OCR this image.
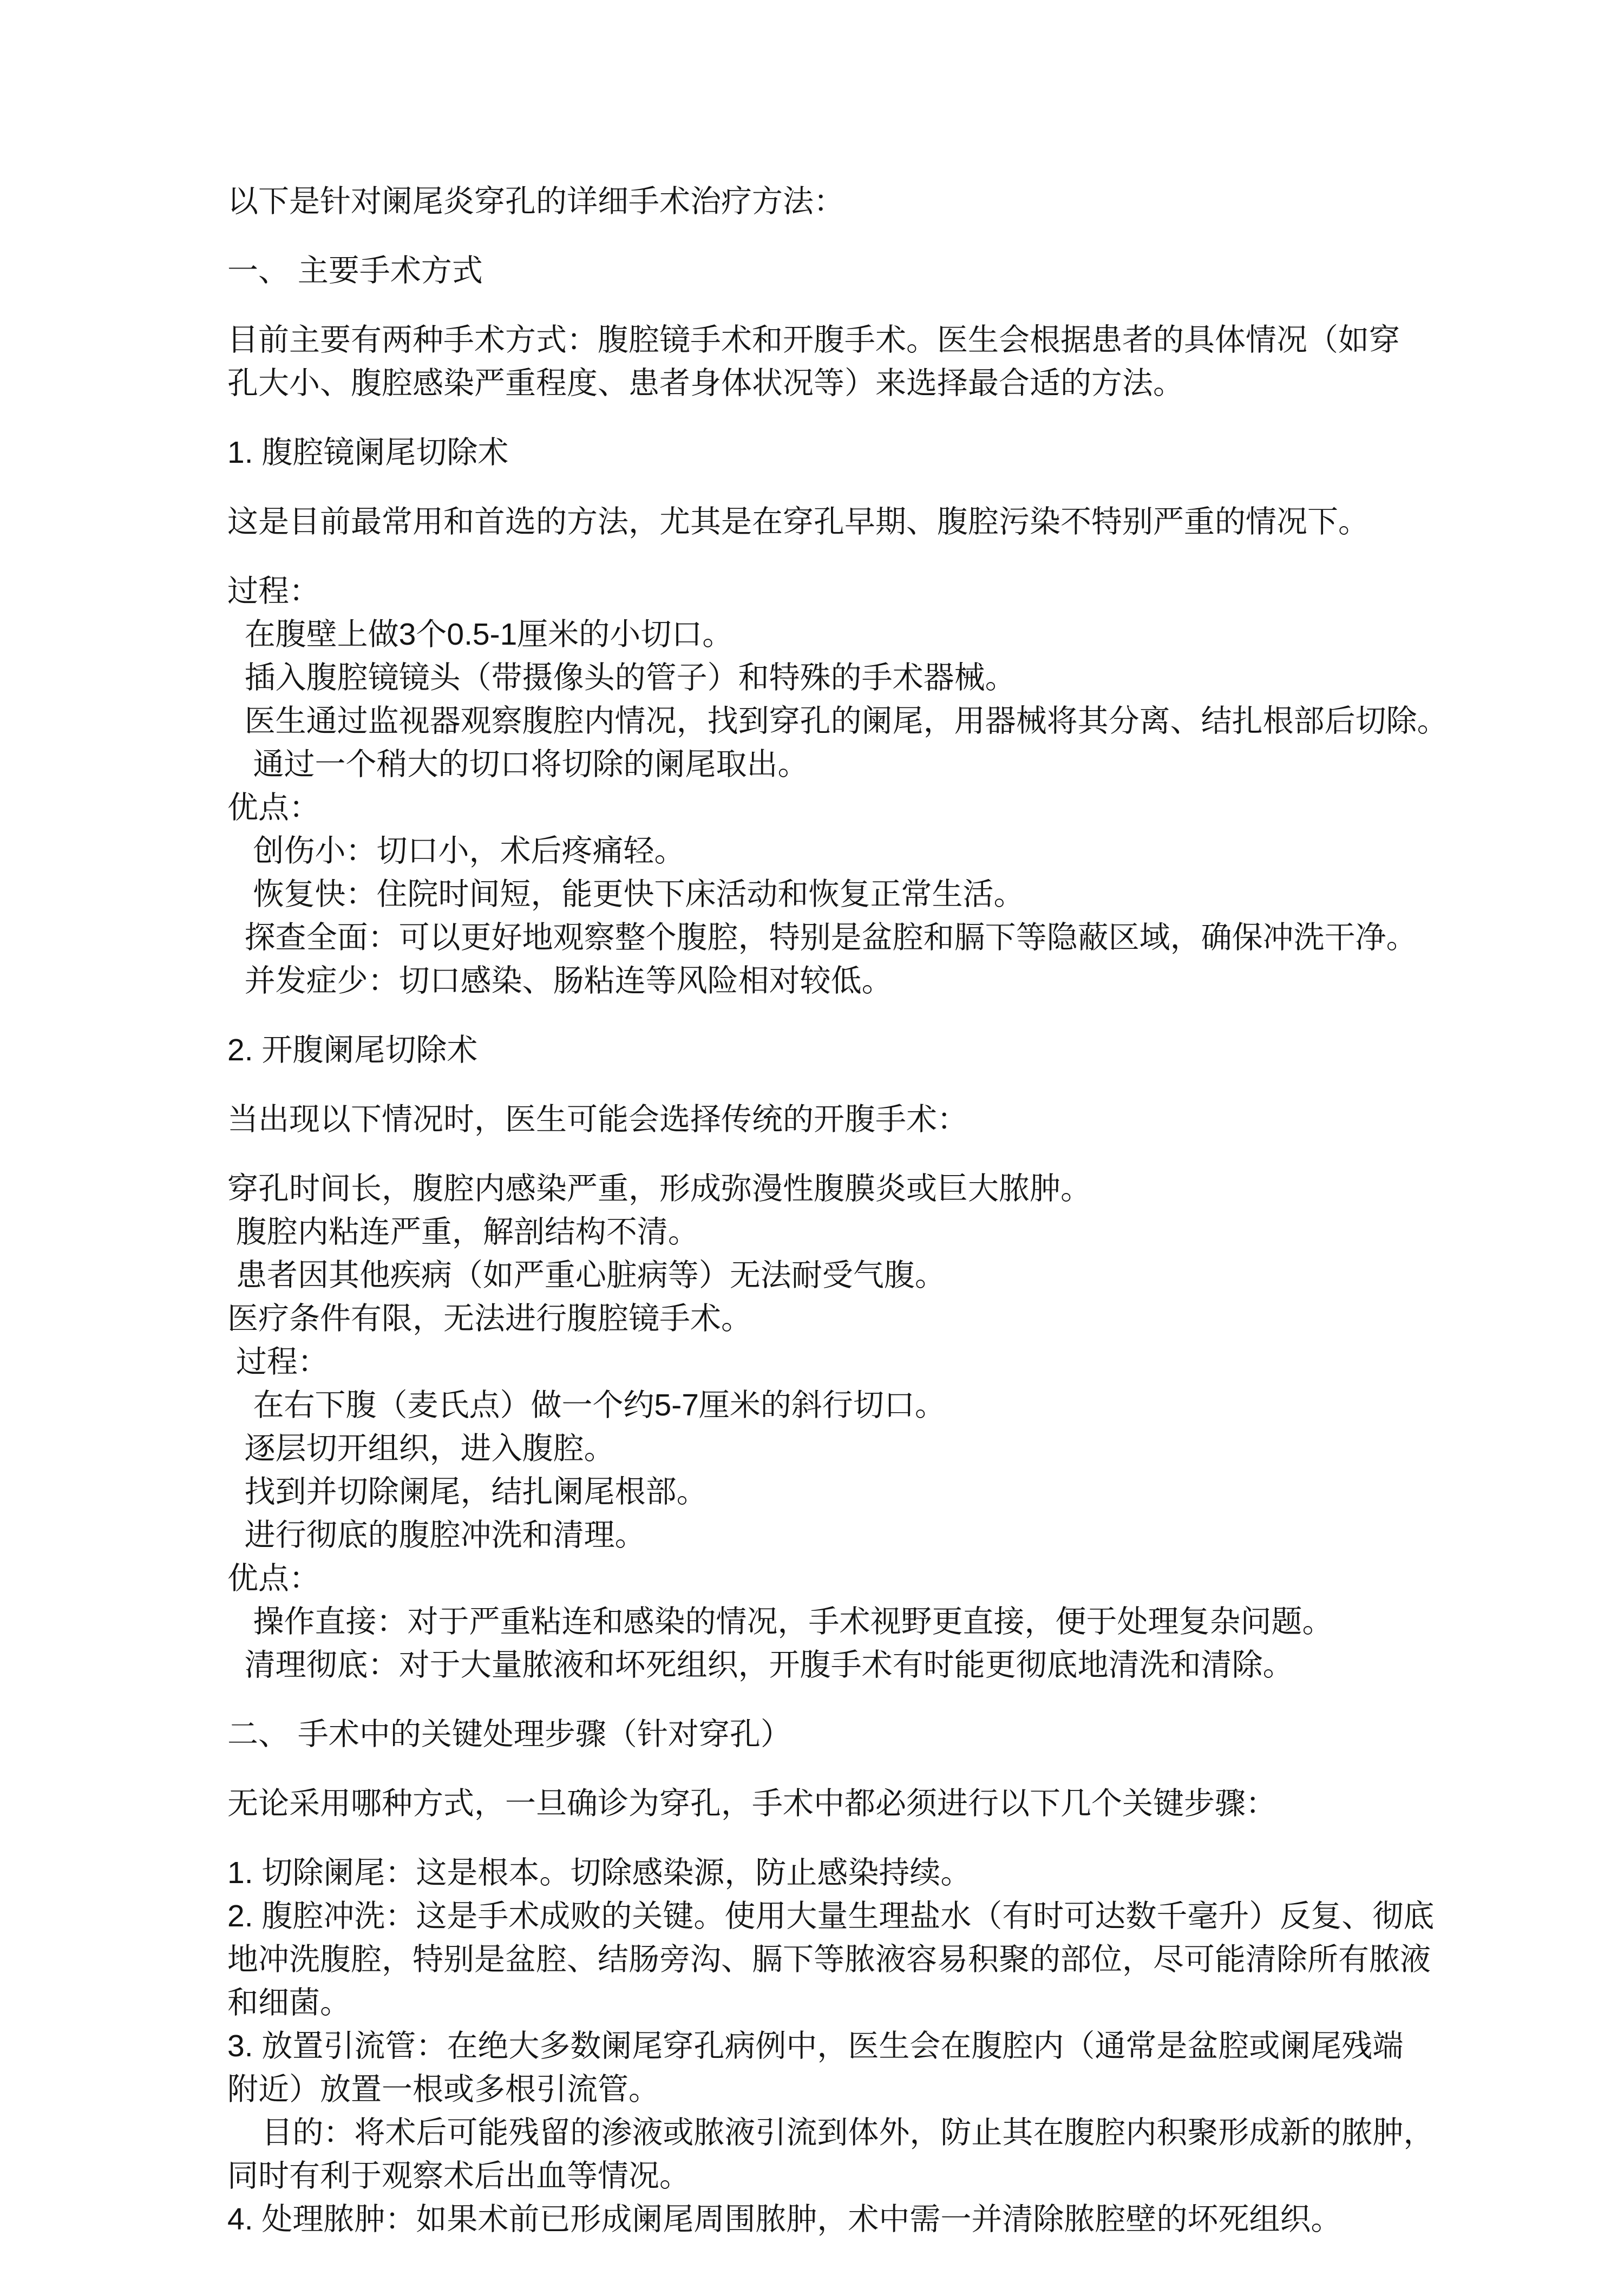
以下是针对阑尾炎穿孔的详细手术治疗方法：
一、 主要手术方式
目前主要有两种手术方式：腹腔镜手术和开腹手术。医生会根据患者的具体情况（如穿
孔大小、腹腔感染严重程度、患者身体状况等）来选择最合适的方法。
1. 腹腔镜阑尾切除术
这是目前最常用和首选的方法，尤其是在穿孔早期、腹腔污染不特别严重的情况下。
过程：
在腹壁上做3个0.5-1厘米的小切口。
插入腹腔镜镜头（带摄像头的管子）和特殊的手术器械。
医生通过监视器观察腹腔内情况，找到穿孔的阑尾，用器械将其分离、结扎根部后切除。
通过一个稍大的切口将切除的阑尾取出。
优点：
创伤小：切口小，术后疼痛轻。
恢复快：住院时间短，能更快下床活动和恢复正常生活。
探查全面：可以更好地观察整个腹腔，特别是盆腔和膈下等隐蔽区域，确保冲洗干净。
并发症少：切口感染、肠粘连等风险相对较低。
2. 开腹阑尾切除术
当出现以下情况时，医生可能会选择传统的开腹手术：
穿孔时间长，腹腔内感染严重，形成弥漫性腹膜炎或巨大脓肿。
腹腔内粘连严重，解剖结构不清。
患者因其他疾病（如严重心脏病等）无法耐受气腹。
医疗条件有限，无法进行腹腔镜手术。
过程：
在右下腹（麦氏点）做一个约5-7厘米的斜行切口。
逐层切开组织，进入腹腔。
找到并切除阑尾，结扎阑尾根部。
进行彻底的腹腔冲洗和清理。
优点：
操作直接：对于严重粘连和感染的情况，手术视野更直接，便于处理复杂问题。
清理彻底：对于大量脓液和坏死组织，开腹手术有时能更彻底地清洗和清除。
二、 手术中的关键处理步骤（针对穿孔）
无论采用哪种方式，一旦确诊为穿孔，手术中都必须进行以下几个关键步骤：
1. 切除阑尾：这是根本。切除感染源，防止感染持续。
2. 腹腔冲洗：这是手术成败的关键。使用大量生理盐水（有时可达数千毫升）反复、彻底
地冲洗腹腔，特别是盆腔、结肠旁沟、膈下等脓液容易积聚的部位，尽可能清除所有脓液
和细菌。
3. 放置引流管：在绝大多数阑尾穿孔病例中，医生会在腹腔内（通常是盆腔或阑尾残端
附近）放置一根或多根引流管。
目的：将术后可能残留的渗液或脓液引流到体外，防止其在腹腔内积聚形成新的脓肿，
同时有利于观察术后出血等情况。
4. 处理脓肿：如果术前已形成阑尾周围脓肿，术中需一并清除脓腔壁的坏死组织。
